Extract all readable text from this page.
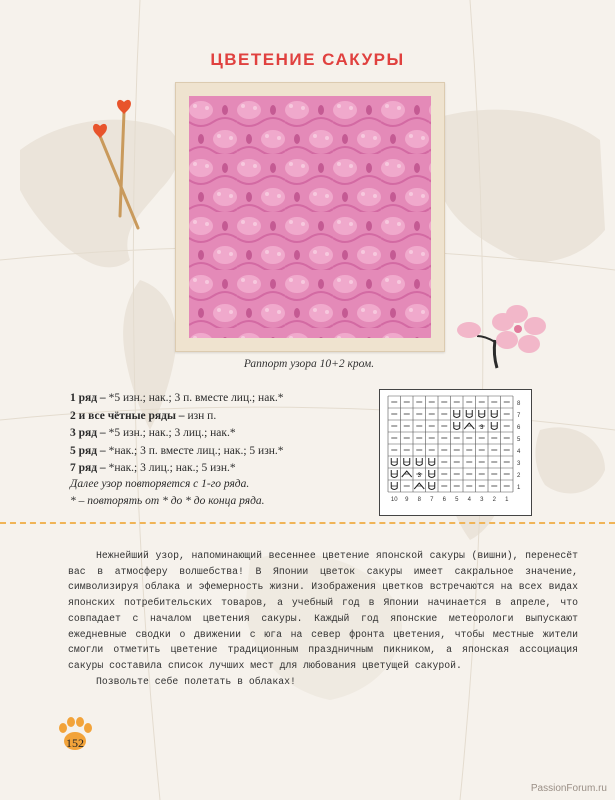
ЦВЕТЕНИЕ САКУРЫ
Раппорт узора 10+2 кром.
1 ряд – *5 изн.; нак.; 3 п. вместе лиц.; нак.*
2 и все чётные ряды – изн п.
3 ряд – *5 изн.; нак.; 3 лиц.; нак.*
5 ряд – *нак.; 3 п. вместе лиц.; нак.; 5 изн.*
7 ряд – *нак.; 3 лиц.; нак.; 5 изн.*
Далее узор повторяется с 1-го ряда.
* – повторять от * до * до конца ряда.
8
7
6
5
4
3
2
1
10 9 8 7 6 5 4 3 2 1
3
3

Нежнейший узор, напоминающий весеннее цветение японской сакуры (вишни), перенесёт вас в атмосферу волшебства! В Японии цветок сакуры имеет сакральное значение, символизируя облака и эфемерность жизни. Изображения цветков встречаются на всех видах японских потребительских товаров, а учебный год в Японии начинается в апреле, что совпадает с началом цветения сакуры. Каждый год японские метеорологи выпускают ежедневные сводки о движении с юга на север фронта цветения, чтобы местные жители смогли отметить цветение традиционным праздничным пикником, а японская ассоциация сакуры составила список лучших мест для любования цветущей сакурой.

Позвольте себе полетать в облаках!

152
PassionForum.ru
